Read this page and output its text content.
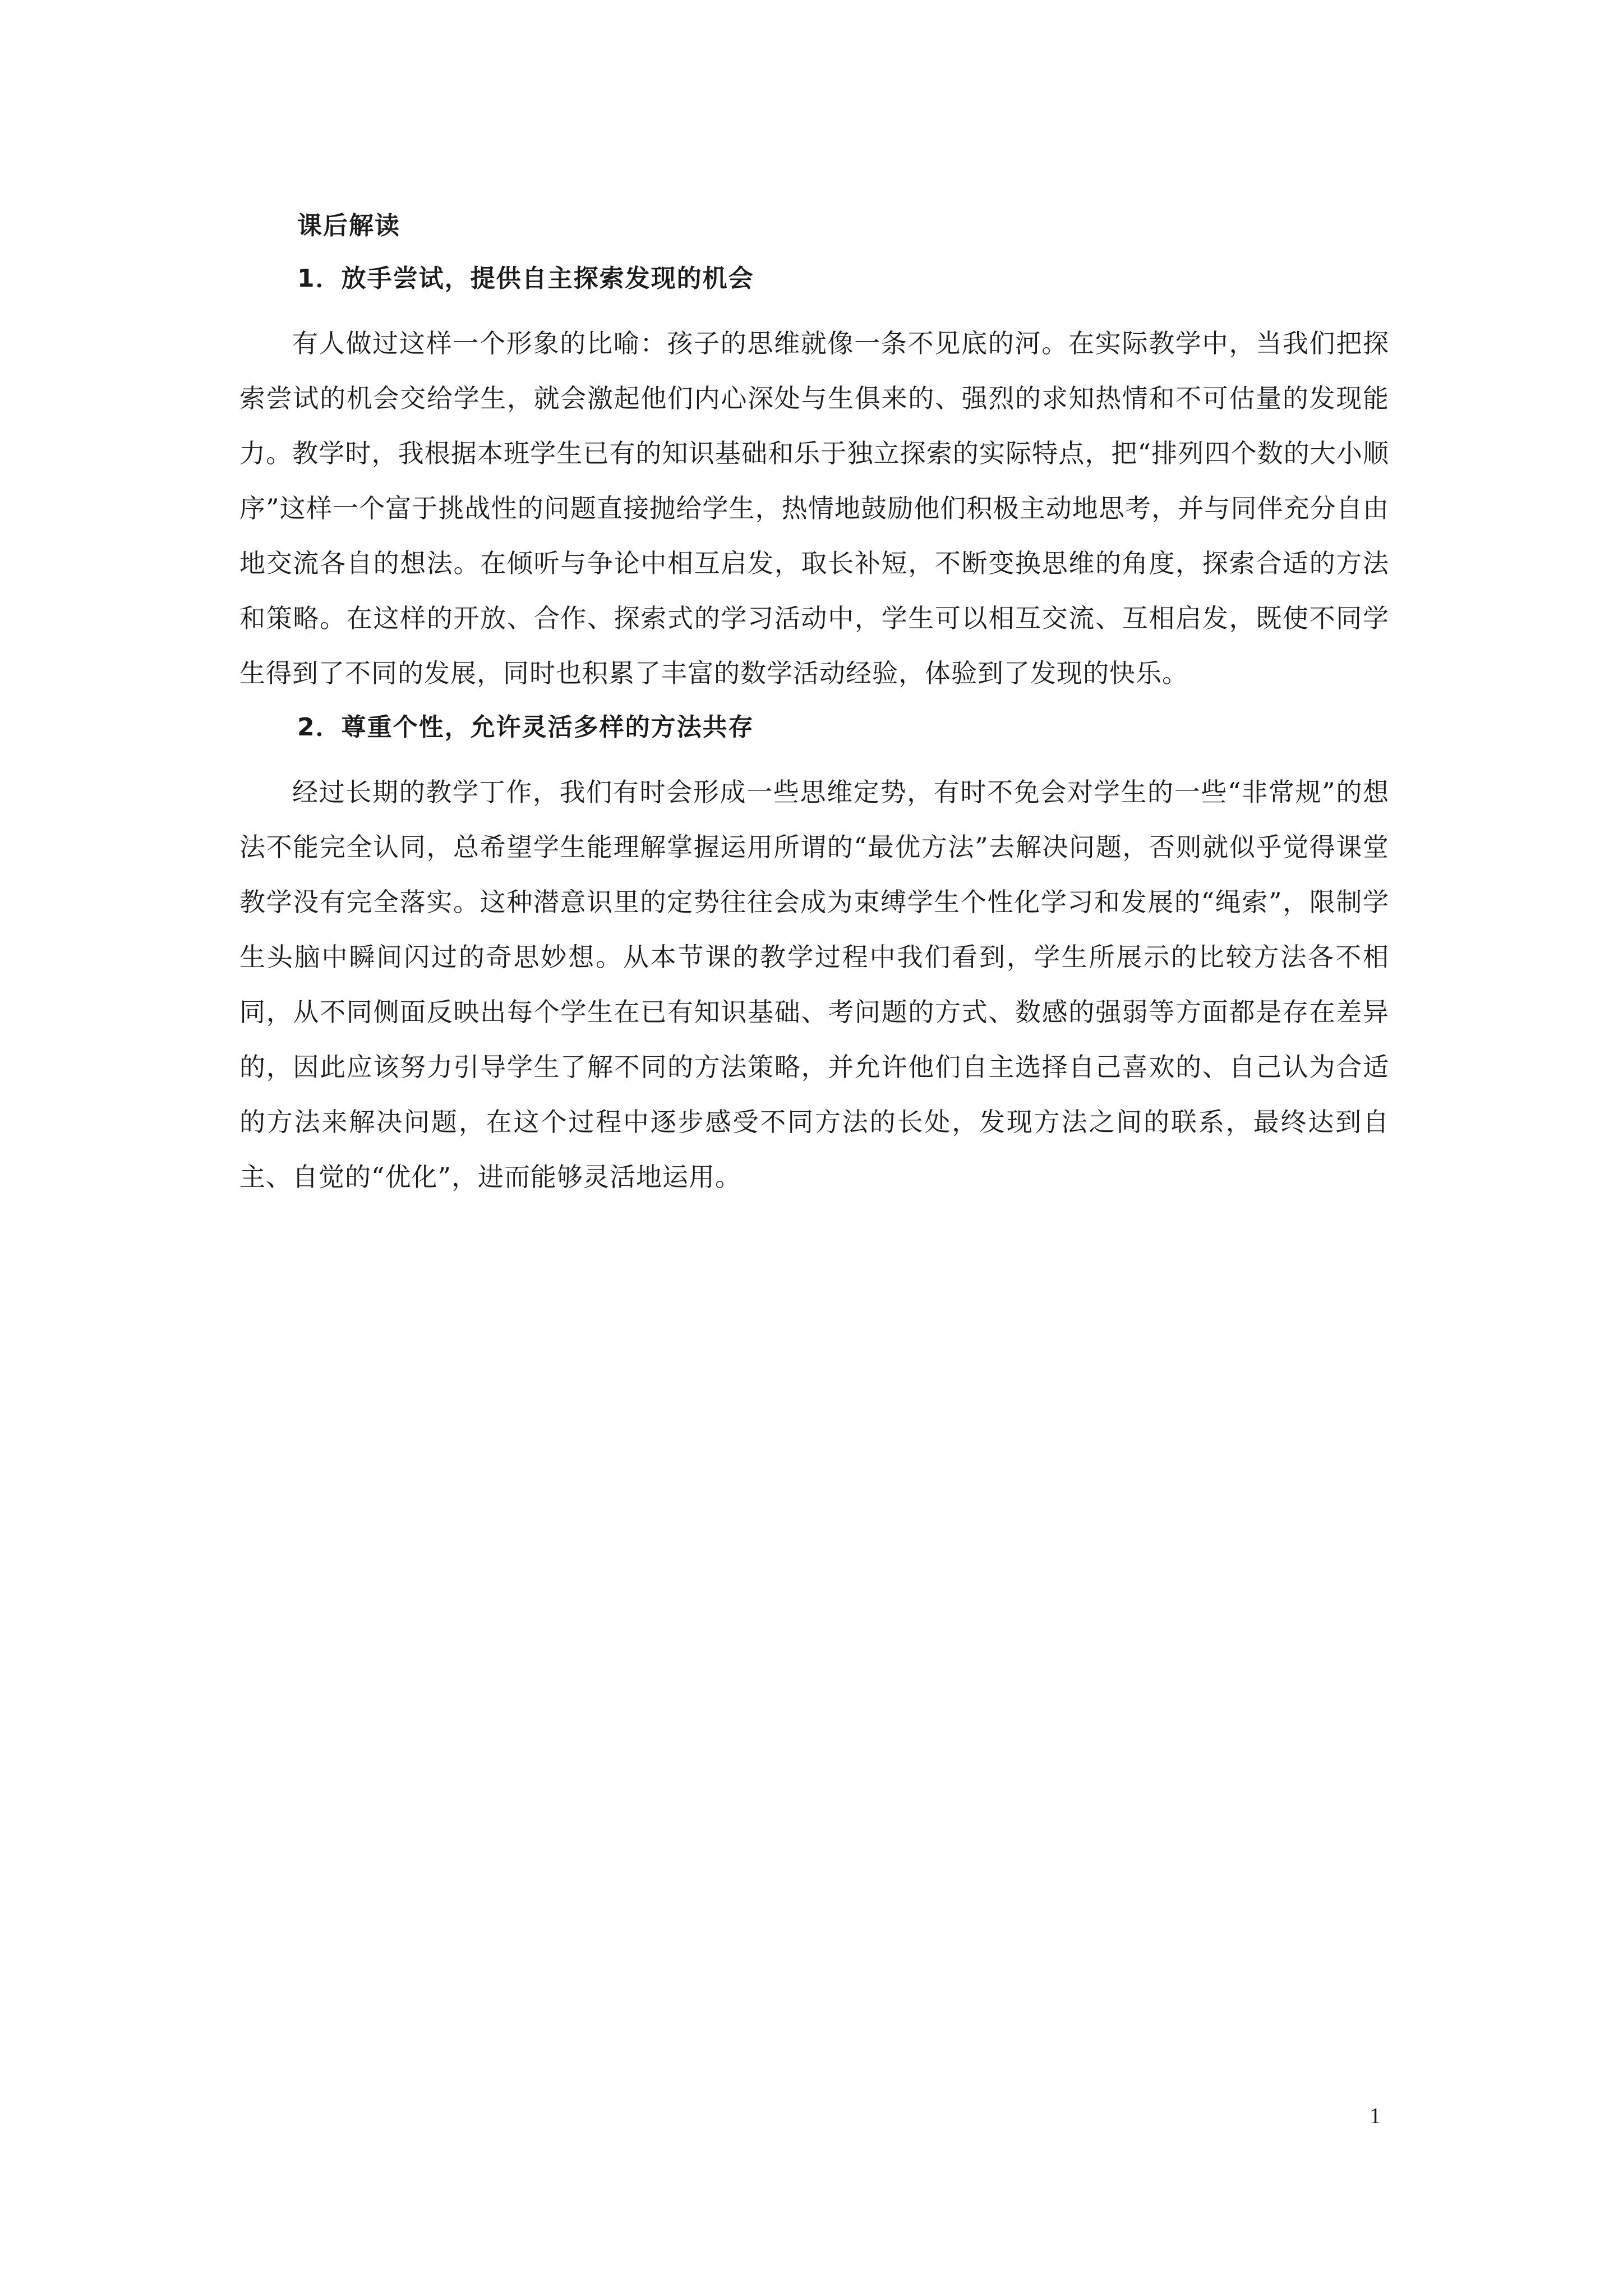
课后解读
1．放手尝试，提供自主探索发现的机会

有人做过这样一个形象的比喻：孩子的思维就像一条不见底的河。在实际教学中，当我们把探索尝试的机会交给学生，就会激起他们内心深处与生俱来的、强烈的求知热情和不可估量的发现能力。教学时，我根据本班学生已有的知识基础和乐于独立探索的实际特点，把“排列四个数的大小顺序”这样一个富于挑战性的问题直接抛给学生，热情地鼓励他们积极主动地思考，并与同伴充分自由地交流各自的想法。在倾听与争论中相互启发，取长补短，不断变换思维的角度，探索合适的方法和策略。在这样的开放、合作、探索式的学习活动中，学生可以相互交流、互相启发，既使不同学生得到了不同的发展，同时也积累了丰富的数学活动经验，体验到了发现的快乐。

2．尊重个性，允许灵活多样的方法共存

经过长期的教学丁作，我们有时会形成一些思维定势，有时不免会对学生的一些“非常规”的想法不能完全认同，总希望学生能理解掌握运用所谓的“最优方法”去解决问题，否则就似乎觉得课堂教学没有完全落实。这种潜意识里的定势往往会成为束缚学生个性化学习和发展的“绳索”，限制学生头脑中瞬间闪过的奇思妙想。从本节课的教学过程中我们看到，学生所展示的比较方法各不相同，从不同侧面反映出每个学生在已有知识基础、考问题的方式、数感的强弱等方面都是存在差异的，因此应该努力引导学生了解不同的方法策略，并允许他们自主选择自己喜欢的、自己认为合适的方法来解决问题，在这个过程中逐步感受不同方法的长处，发现方法之间的联系，最终达到自主、自觉的“优化”，进而能够灵活地运用。

1
